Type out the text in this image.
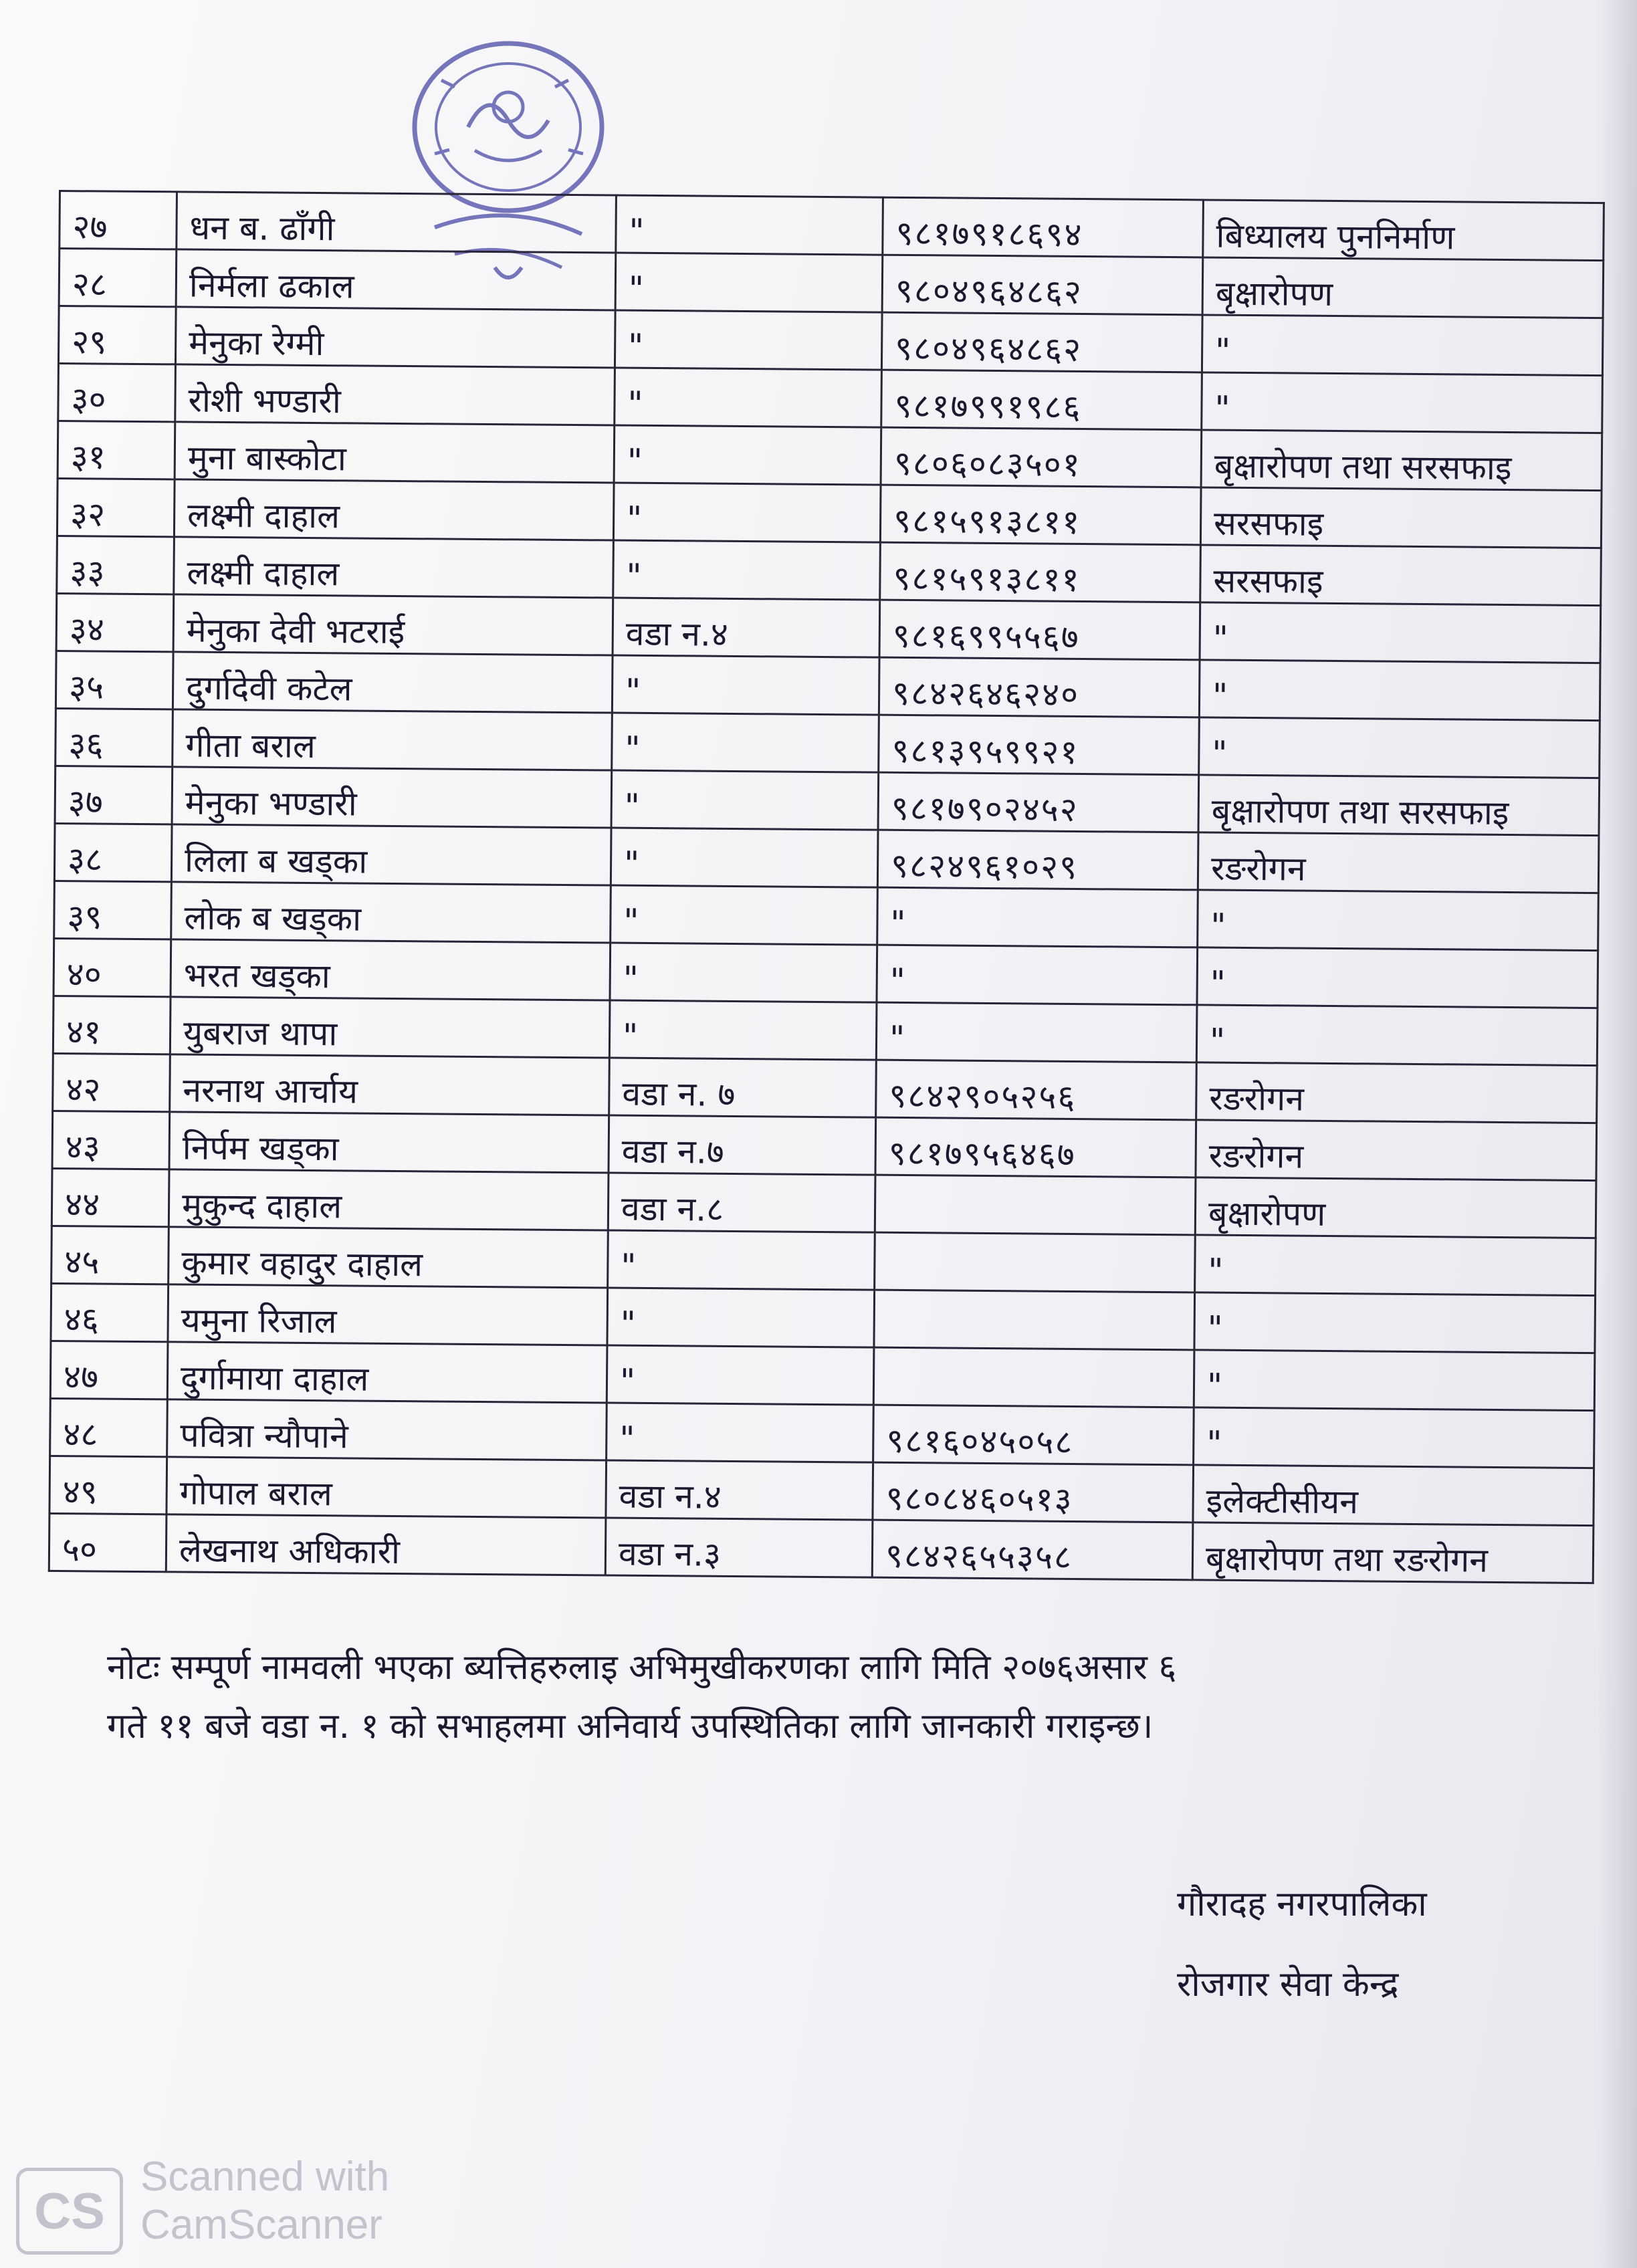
२७	धन ब. ढाँगी	"	९८१७९१८६९४	बिध्यालय पुननिर्माण
२८	निर्मला ढकाल	"	९८०४९६४८६२	बृक्षारोपण
२९	मेनुका रेग्मी	"	९८०४९६४८६२	"
३०	रोशी भण्डारी	"	९८१७९९१९८६	"
३१	मुना बास्कोटा	"	९८०६०८३५०१	बृक्षारोपण तथा सरसफाइ
३२	लक्ष्मी दाहाल	"	९८१५९१३८११	सरसफाइ
३३	लक्ष्मी दाहाल	"	९८१५९१३८११	सरसफाइ
३४	मेनुका देवी भटराई	वडा न.४	९८१६९९५५६७	"
३५	दुर्गादेवी कटेल	"	९८४२६४६२४०	"
३६	गीता बराल	"	९८१३९५९९२१	"
३७	मेनुका भण्डारी	"	९८१७९०२४५२	बृक्षारोपण तथा सरसफाइ
३८	लिला ब खड्का	"	९८२४९६१०२९	रङरोगन
३९	लोक ब खड्का	"	"	"
४०	भरत खड्का	"	"	"
४१	युबराज थापा	"	"	"
४२	नरनाथ आर्चाय	वडा न. ७	९८४२९०५२५६	रङरोगन
४३	निर्पम खड्का	वडा न.७	९८१७९५६४६७	रङरोगन
४४	मुकुन्द दाहाल	वडा न.८		बृक्षारोपण
४५	कुमार वहादुर दाहाल	"		"
४६	यमुना रिजाल	"		"
४७	दुर्गामाया दाहाल	"		"
४८	पवित्रा न्यौपाने	"	९८१६०४५०५८	"
४९	गोपाल बराल	वडा न.४	९८०८४६०५१३	इलेक्टीसीयन
५०	लेखनाथ अधिकारी	वडा न.३	९८४२६५५३५८	बृक्षारोपण तथा रङरोगन
नोटः सम्पूर्ण नामवली भएका ब्यत्तिहरुलाइ अभिमुखीकरणका लागि मिति २०७६असार ६
गते ११ बजे वडा न. १ को सभाहलमा अनिवार्य उपस्थितिका लागि जानकारी गराइन्छ।
गौरादह नगरपालिका
रोजगार सेवा केन्द्र
CS
Scanned with
CamScanner
